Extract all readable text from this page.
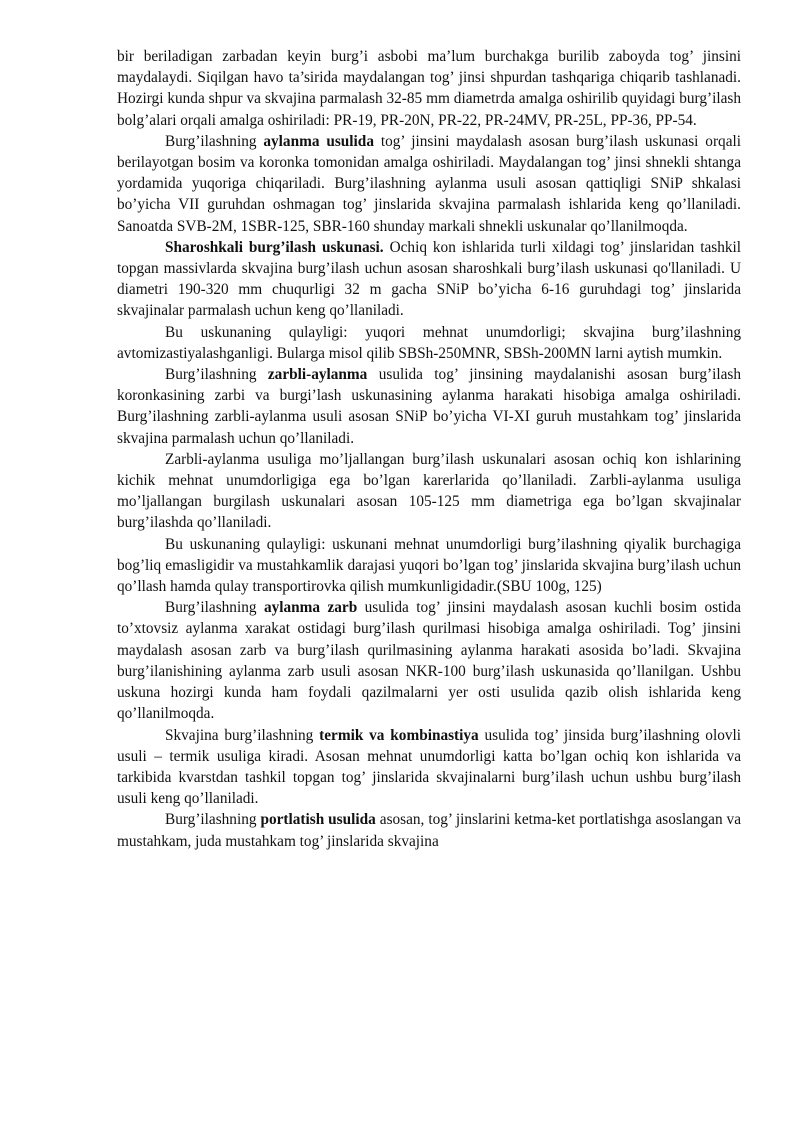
bir beriladigan zarbadan keyin burg’i asbobi ma’lum burchakga burilib zaboyda tog’ jinsini maydalaydi. Siqilgan havo ta’sirida maydalangan tog’ jinsi shpurdan tashqariga chiqarib tashlanadi. Hozirgi kunda shpur va skvajina parmalash 32-85 mm diametrda amalga oshirilib quyidagi burg’ilash bolg’alari orqali amalga oshiriladi: PR-19, PR-20N, PR-22, PR-24MV, PR-25L, PP-36, PP-54.

Burg’ilashning aylanma usulida tog’ jinsini maydalash asosan burg’ilash uskunasi orqali berilayotgan bosim va koronka tomonidan amalga oshiriladi. Maydalangan tog’ jinsi shnekli shtanga yordamida yuqoriga chiqariladi. Burg’ilashning aylanma usuli asosan qattiqligi SNiP shkalasi bo’yicha VII guruhdan oshmagan tog’ jinslarida skvajina parmalash ishlarida keng qo’llaniladi. Sanoatda SVB-2M, 1SBR-125, SBR-160 shunday markali shnekli uskunalar qo’llanilmoqda.

Sharoshkali burg’ilash uskunasi. Ochiq kon ishlarida turli xildagi tog’ jinslaridan tashkil topgan massivlarda skvajina burg’ilash uchun asosan sharoshkali burg’ilash uskunasi qo'llaniladi. U diametri 190-320 mm chuqurligi 32 m gacha SNiP bo’yicha 6-16 guruhdagi tog’ jinslarida skvajinalar parmalash uchun keng qo’llaniladi.

Bu uskunaning qulayligi: yuqori mehnat unumdorligi; skvajina burg’ilashning avtomizastiyalashganligi. Bularga misol qilib SBSh-250MNR, SBSh-200MN larni aytish mumkin.

Burg’ilashning zarbli-aylanma usulida tog’ jinsining maydalanishi asosan burg’ilash koronkasining zarbi va burgi’lash uskunasining aylanma harakati hisobiga amalga oshiriladi. Burg’ilashning zarbli-aylanma usuli asosan SNiP bo’yicha VI-XI guruh mustahkam tog’ jinslarida skvajina parmalash uchun qo’llaniladi.

Zarbli-aylanma usuliga mo’ljallangan burg’ilash uskunalari asosan ochiq kon ishlarining kichik mehnat unumdorligiga ega bo’lgan karerlarida qo’llaniladi. Zarbli-aylanma usuliga mo’ljallangan burgilash uskunalari asosan 105-125 mm diametriga ega bo’lgan skvajinalar burg’ilashda qo’llaniladi.

Bu uskunaning qulayligi: uskunani mehnat unumdorligi burg’ilashning qiyalik burchagiga bog’liq emasligidir va mustahkamlik darajasi yuqori bo’lgan tog’ jinslarida skvajina burg’ilash uchun qo’llash hamda qulay transportirovka qilish mumkunligidadir.(SBU 100g, 125)

Burg’ilashning aylanma zarb usulida tog’ jinsini maydalash asosan kuchli bosim ostida to’xtovsiz aylanma xarakat ostidagi burg’ilash qurilmasi hisobiga amalga oshiriladi. Tog’ jinsini maydalash asosan zarb va burg’ilash qurilmasining aylanma harakati asosida bo’ladi. Skvajina burg’ilanishining aylanma zarb usuli asosan NKR-100 burg’ilash uskunasida qo’llanilgan. Ushbu uskuna hozirgi kunda ham foydali qazilmalarni yer osti usulida qazib olish ishlarida keng qo’llanilmoqda.

Skvajina burg’ilashning termik va kombinastiya usulida tog’ jinsida burg’ilashning olovli usuli – termik usuliga kiradi. Asosan mehnat unumdorligi katta bo’lgan ochiq kon ishlarida va tarkibida kvarstdan tashkil topgan tog’ jinslarida skvajinalarni burg’ilash uchun ushbu burg’ilash usuli keng qo’llaniladi.

Burg’ilashning portlatish usulida asosan, tog’ jinslarini ketma-ket portlatishga asoslangan va mustahkam, juda mustahkam tog’ jinslarida skvajina
